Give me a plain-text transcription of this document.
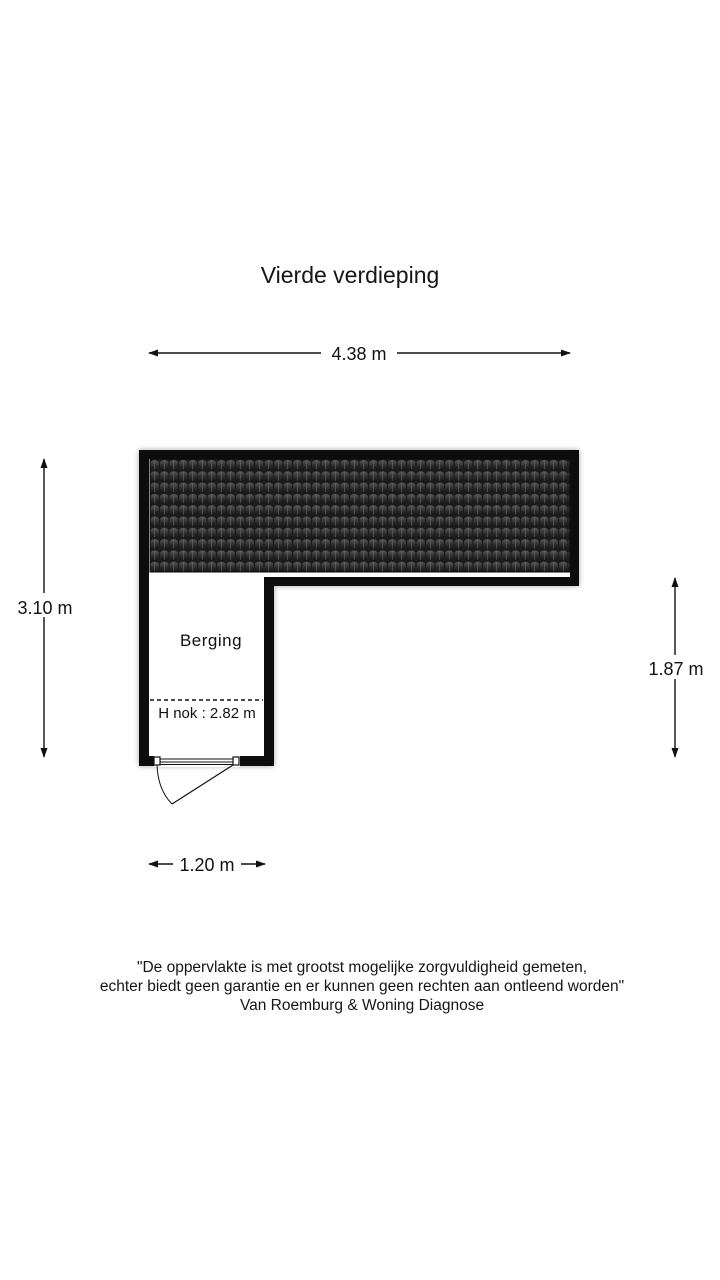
Vierde verdieping
Berging
H nok : 2.82 m
4.38 m
3.10 m
1.87 m
1.20 m
"De oppervlakte is met grootst mogelijke zorgvuldigheid gemeten,
echter biedt geen garantie en er kunnen geen rechten aan ontleend worden"
Van Roemburg & Woning Diagnose
